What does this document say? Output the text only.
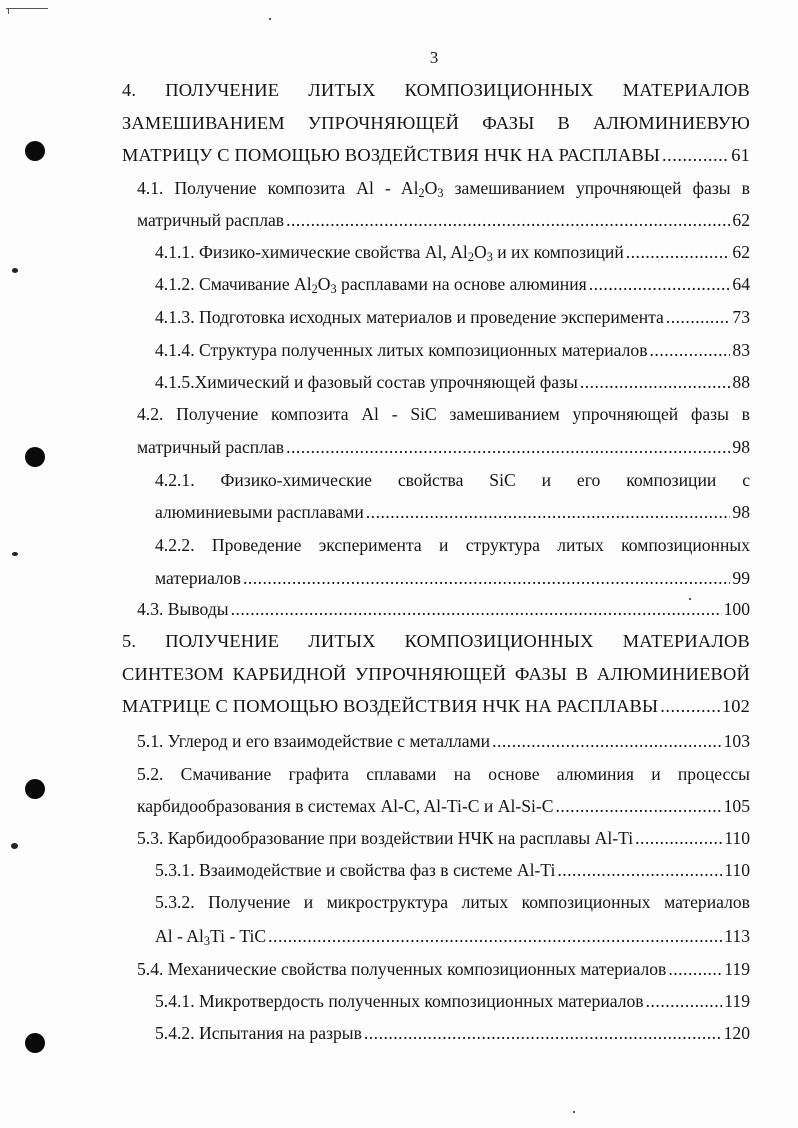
3
4. ПОЛУЧЕНИЕ ЛИТЫХ КОМПОЗИЦИОННЫХ МАТЕРИАЛОВ
ЗАМЕШИВАНИЕМ УПРОЧНЯЮЩЕЙ ФАЗЫ В АЛЮМИНИЕВУЮ
МАТРИЦУ С ПОМОЩЬЮ ВОЗДЕЙСТВИЯ НЧК НА РАСПЛАВЫ .....	61
4.1. Получение композита Al - $Al_2O_3$ замешиванием упрочняющей фазы в
матричный расплав .....	62
4.1.1. Физико-химические свойства Al, $Al_2O_3$ и их композиций .....	62
4.1.2. Смачивание $Al_2O_3$ расплавами на основе алюминия .....	64
4.1.3. Подготовка исходных материалов и проведение эксперимента .....	73
4.1.4. Структура полученных литых композиционных материалов .....	83
4.1.5.Химический и фазовый состав упрочняющей фазы .....	88
4.2. Получение композита Al - SiC замешиванием упрочняющей фазы в
матричный расплав .....	98
4.2.1. Физико-химические свойства SiC и его композиции с
алюминиевыми расплавами .....	98
4.2.2. Проведение эксперимента и структура литых композиционных
материалов .....	99
4.3. Выводы .....	100
5. ПОЛУЧЕНИЕ ЛИТЫХ КОМПОЗИЦИОННЫХ МАТЕРИАЛОВ
СИНТЕЗОМ КАРБИДНОЙ УПРОЧНЯЮЩЕЙ ФАЗЫ В АЛЮМИНИЕВОЙ
МАТРИЦЕ С ПОМОЩЬЮ ВОЗДЕЙСТВИЯ НЧК НА РАСПЛАВЫ .....	102
5.1. Углерод и его взаимодействие с металлами .....	103
5.2. Смачивание графита сплавами на основе алюминия и процессы
карбидообразования в системах Al-C, Al-Ti-C и Al-Si-C .....	105
5.3. Карбидообразование при воздействии НЧК на расплавы Al-Ti .....	110
5.3.1. Взаимодействие и свойства фаз в системе Al-Ti .....	110
5.3.2. Получение и микроструктура литых композиционных материалов
Al - $Al_3Ti$ - TiC .....	113
5.4. Механические свойства полученных композиционных материалов .....	119
5.4.1. Микротвердость полученных композиционных материалов .....	119
5.4.2. Испытания на разрыв .....	120
